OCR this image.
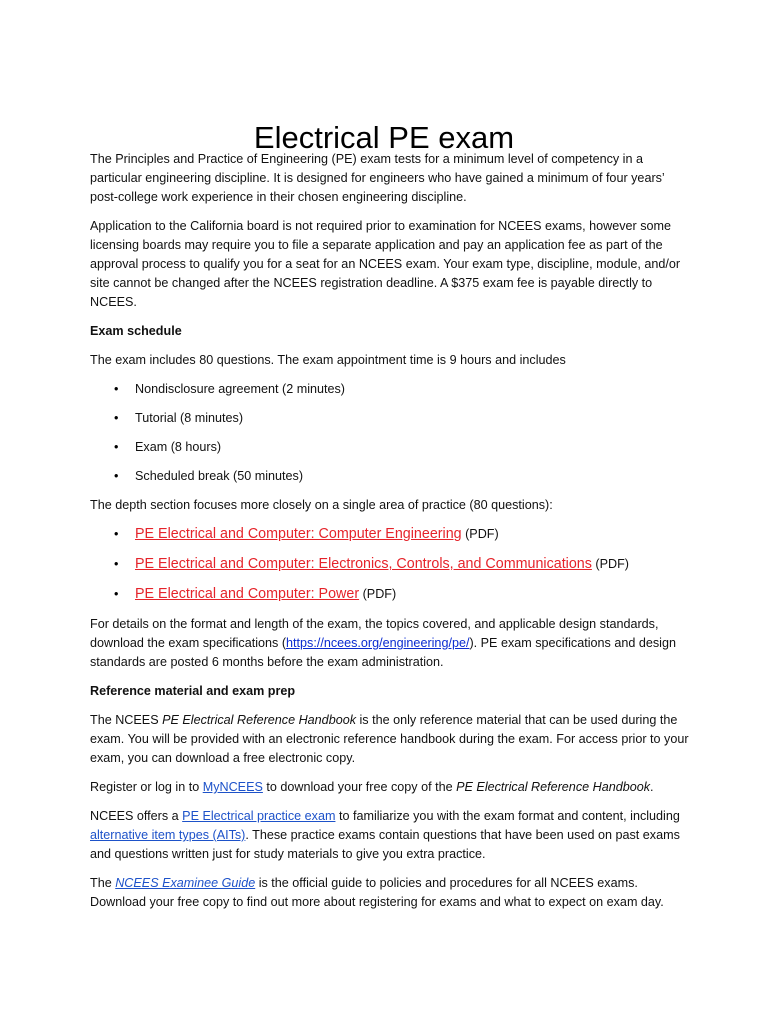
Electrical PE exam

The Principles and Practice of Engineering (PE) exam tests for a minimum level of competency in a particular engineering discipline. It is designed for engineers who have gained a minimum of four years’ post-college work experience in their chosen engineering discipline.

Application to the California board is not required prior to examination for NCEES exams, however some licensing boards may require you to file a separate application and pay an application fee as part of the approval process to qualify you for a seat for an NCEES exam. Your exam type, discipline, module, and/or site cannot be changed after the NCEES registration deadline. A $375 exam fee is payable directly to NCEES.

Exam schedule

The exam includes 80 questions. The exam appointment time is 9 hours and includes

• Nondisclosure agreement (2 minutes)
• Tutorial (8 minutes)
• Exam (8 hours)
• Scheduled break (50 minutes)

The depth section focuses more closely on a single area of practice (80 questions):

• PE Electrical and Computer: Computer Engineering (PDF)
• PE Electrical and Computer: Electronics, Controls, and Communications (PDF)
• PE Electrical and Computer: Power (PDF)

For details on the format and length of the exam, the topics covered, and applicable design standards, download the exam specifications (https://ncees.org/engineering/pe/). PE exam specifications and design standards are posted 6 months before the exam administration.

Reference material and exam prep

The NCEES PE Electrical Reference Handbook is the only reference material that can be used during the exam. You will be provided with an electronic reference handbook during the exam. For access prior to your exam, you can download a free electronic copy.

Register or log in to MyNCEES to download your free copy of the PE Electrical Reference Handbook.

NCEES offers a PE Electrical practice exam to familiarize you with the exam format and content, including alternative item types (AITs). These practice exams contain questions that have been used on past exams and questions written just for study materials to give you extra practice.

The NCEES Examinee Guide is the official guide to policies and procedures for all NCEES exams. Download your free copy to find out more about registering for exams and what to expect on exam day.
